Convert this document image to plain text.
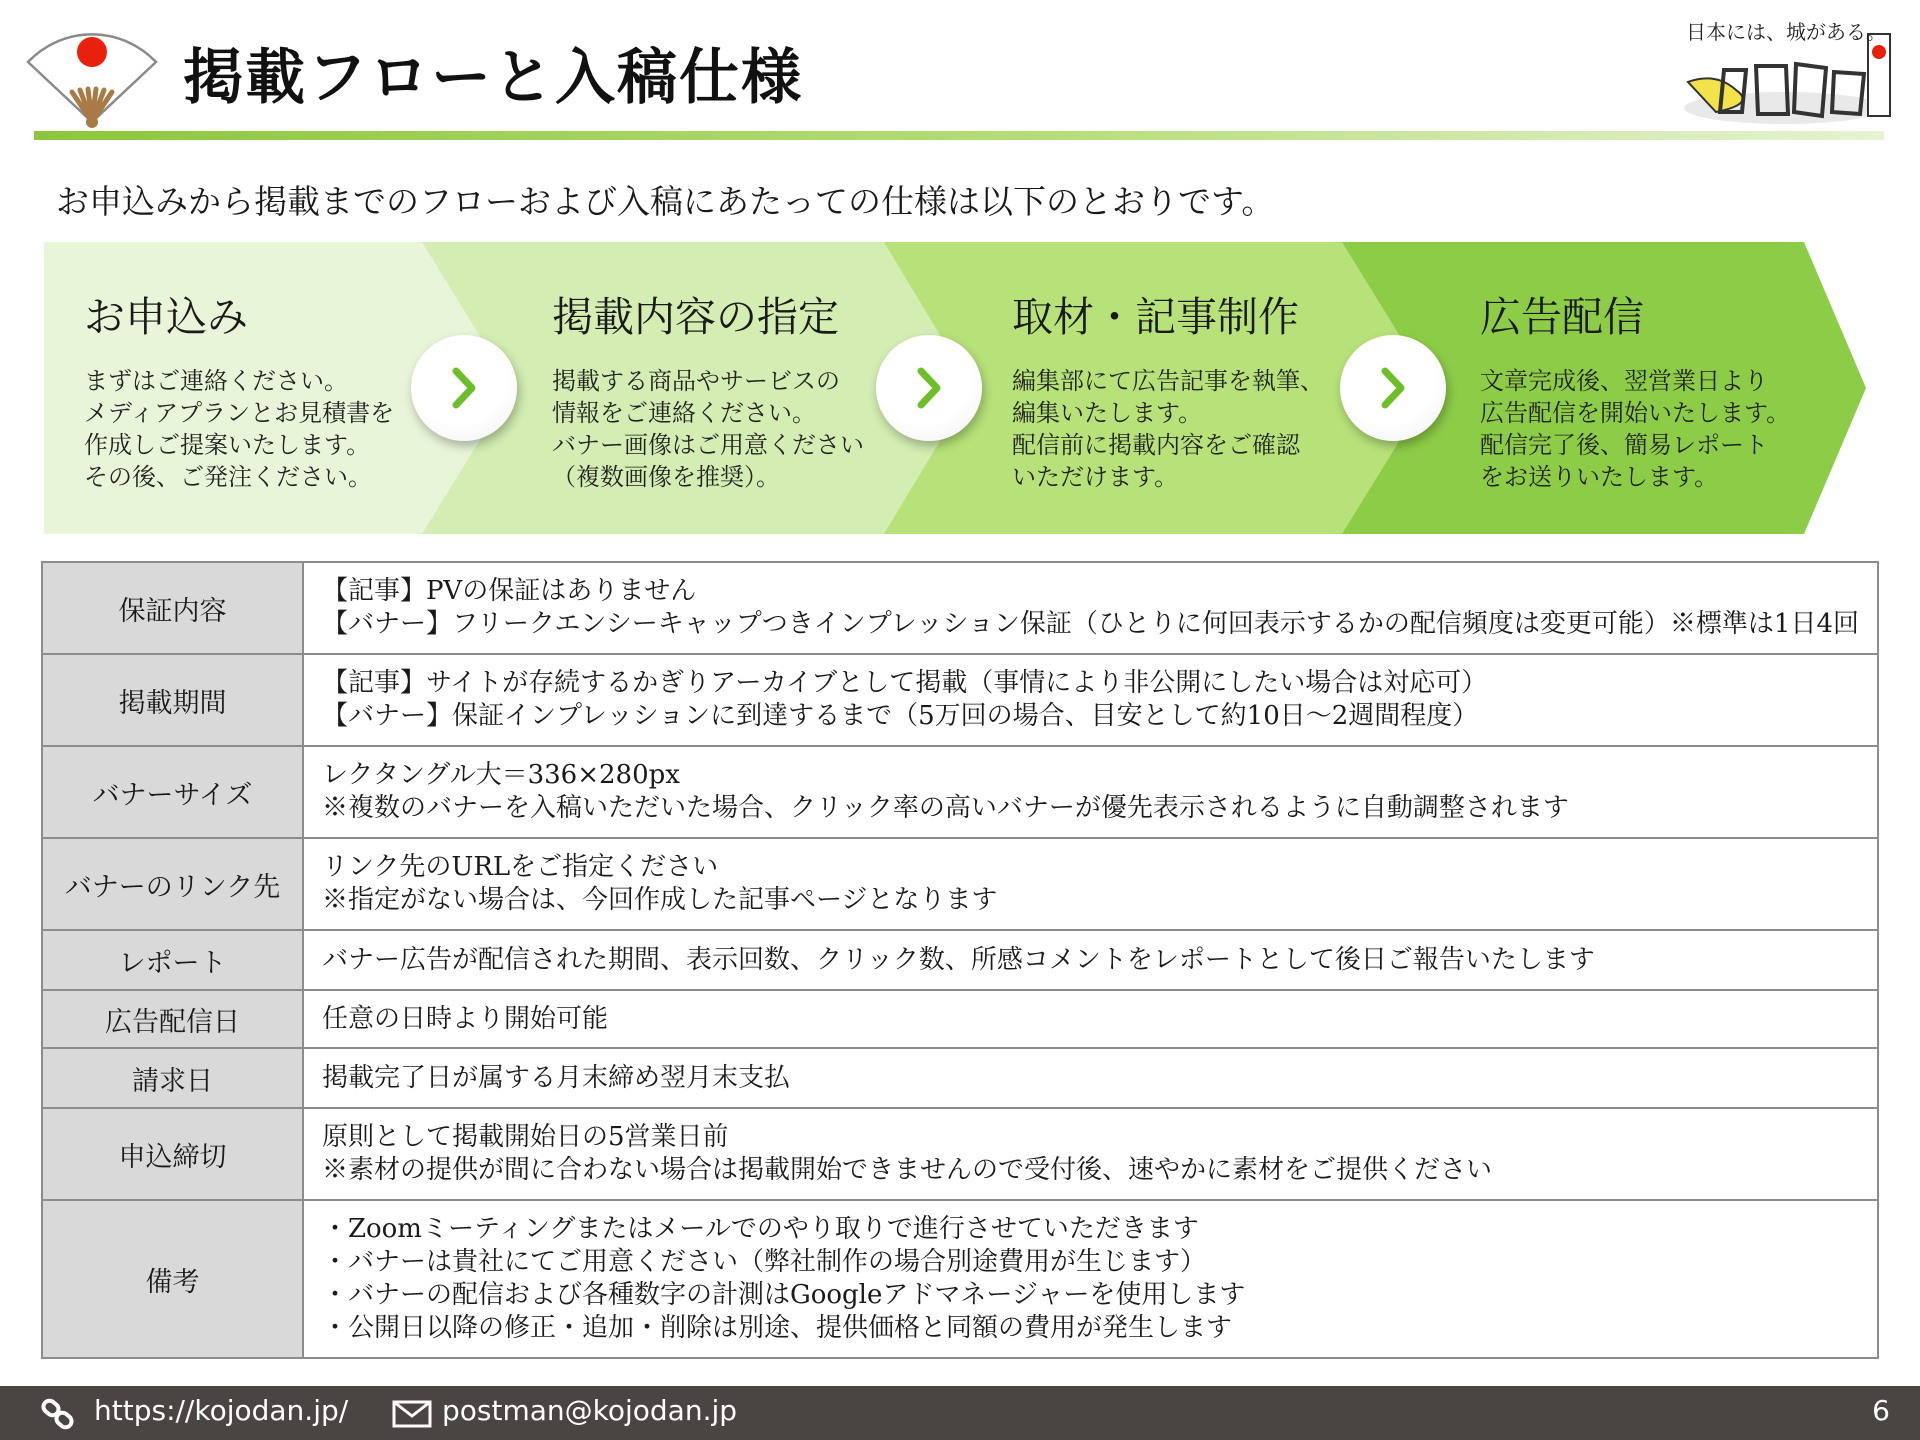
掲載フローと入稿仕様
日本には、城がある。
お申込みから掲載までのフローおよび入稿にあたっての仕様は以下のとおりです。
お申込み
まずはご連絡ください。
メディアプランとお見積書を
作成しご提案いたします。
その後、ご発注ください。
掲載内容の指定
掲載する商品やサービスの
情報をご連絡ください。
バナー画像はご用意ください
（複数画像を推奨）。
取材・記事制作
編集部にて広告記事を執筆、
編集いたします。
配信前に掲載内容をご確認
いただけます。
広告配信
文章完成後、翌営業日より
広告配信を開始いたします。
配信完了後、簡易レポート
をお送りいたします。
保証内容	【記事】PVの保証はありません
【バナー】フリークエンシーキャップつきインプレッション保証（ひとりに何回表示するかの配信頻度は変更可能）※標準は1日4回

掲載期間	【記事】サイトが存続するかぎりアーカイブとして掲載（事情により非公開にしたい場合は対応可）
【バナー】保証インプレッションに到達するまで（5万回の場合、目安として約10日～2週間程度）

バナーサイズ	レクタングル大＝336×280px
※複数のバナーを入稿いただいた場合、クリック率の高いバナーが優先表示されるように自動調整されます

バナーのリンク先	リンク先のURLをご指定ください
※指定がない場合は、今回作成した記事ページとなります

レポート	バナー広告が配信された期間、表示回数、クリック数、所感コメントをレポートとして後日ご報告いたします

広告配信日	任意の日時より開始可能

請求日	掲載完了日が属する月末締め翌月末支払

申込締切	原則として掲載開始日の5営業日前
※素材の提供が間に合わない場合は掲載開始できませんので受付後、速やかに素材をご提供ください

備考	・Zoomミーティングまたはメールでのやり取りで進行させていただきます
・バナーは貴社にてご用意ください（弊社制作の場合別途費用が生じます）
・バナーの配信および各種数字の計測はGoogleアドマネージャーを使用します
・公開日以降の修正・追加・削除は別途、提供価格と同額の費用が発生します
https://kojodan.jp/	postman@kojodan.jp	6
